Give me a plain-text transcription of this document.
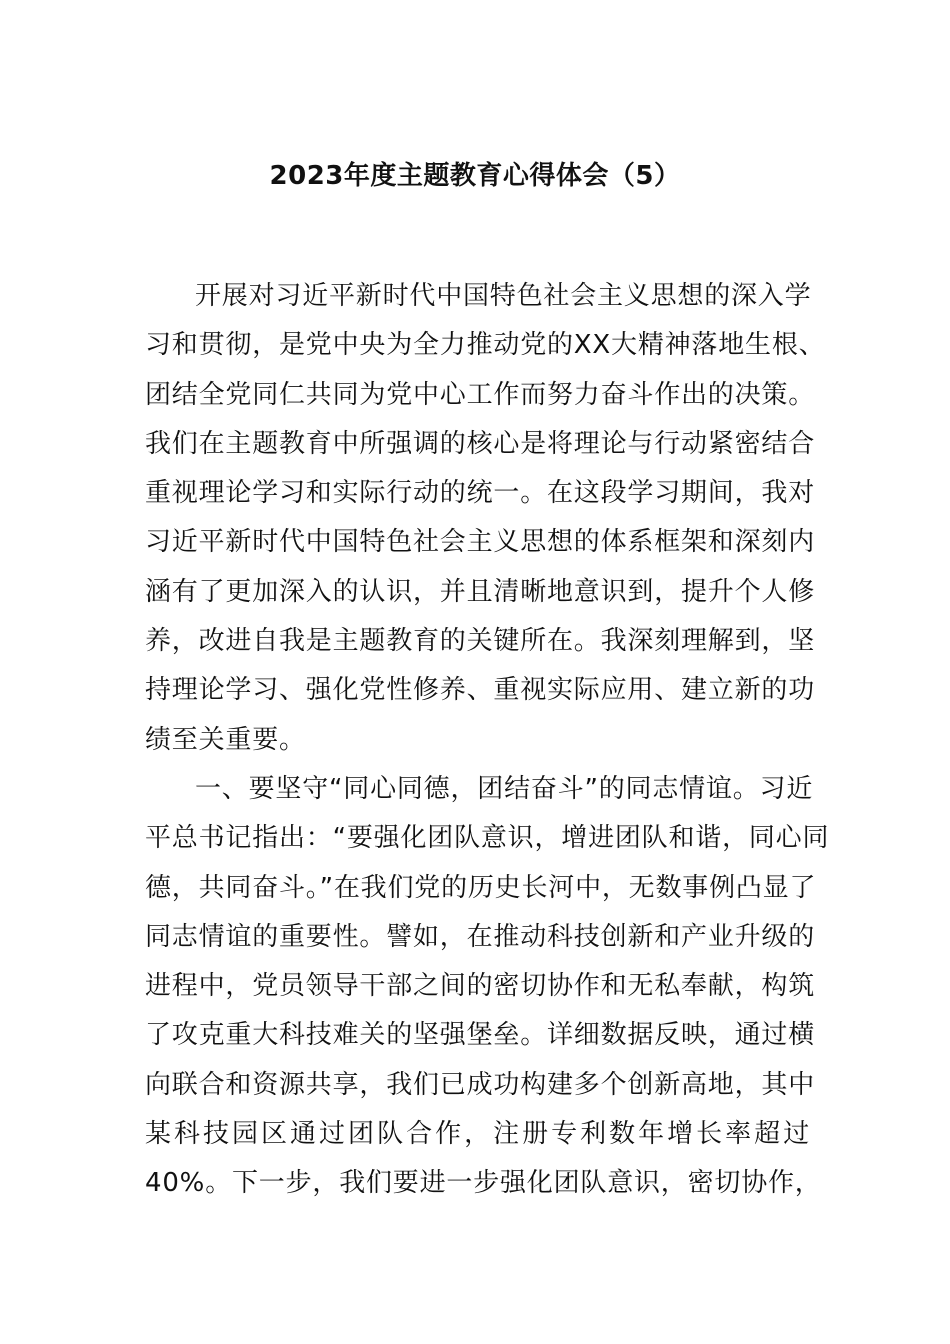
2023年度主题教育心得体会（5）
开展对习近平新时代中国特色社会主义思想的深入学
习和贯彻，是党中央为全力推动党的XX大精神落地生根、
团结全党同仁共同为党中心工作而努力奋斗作出的决策。
我们在主题教育中所强调的核心是将理论与行动紧密结合
重视理论学习和实际行动的统一。在这段学习期间，我对
习近平新时代中国特色社会主义思想的体系框架和深刻内
涵有了更加深入的认识，并且清晰地意识到，提升个人修
养，改进自我是主题教育的关键所在。我深刻理解到，坚
持理论学习、强化党性修养、重视实际应用、建立新的功
绩至关重要。
一、要坚守“同心同德，团结奋斗”的同志情谊。习近
平总书记指出：“要强化团队意识，增进团队和谐，同心同
德，共同奋斗。”在我们党的历史长河中，无数事例凸显了
同志情谊的重要性。譬如，在推动科技创新和产业升级的
进程中，党员领导干部之间的密切协作和无私奉献，构筑
了攻克重大科技难关的坚强堡垒。详细数据反映，通过横
向联合和资源共享，我们已成功构建多个创新高地，其中
某科技园区通过团队合作，注册专利数年增长率超过
40%。下一步，我们要进一步强化团队意识，密切协作，
